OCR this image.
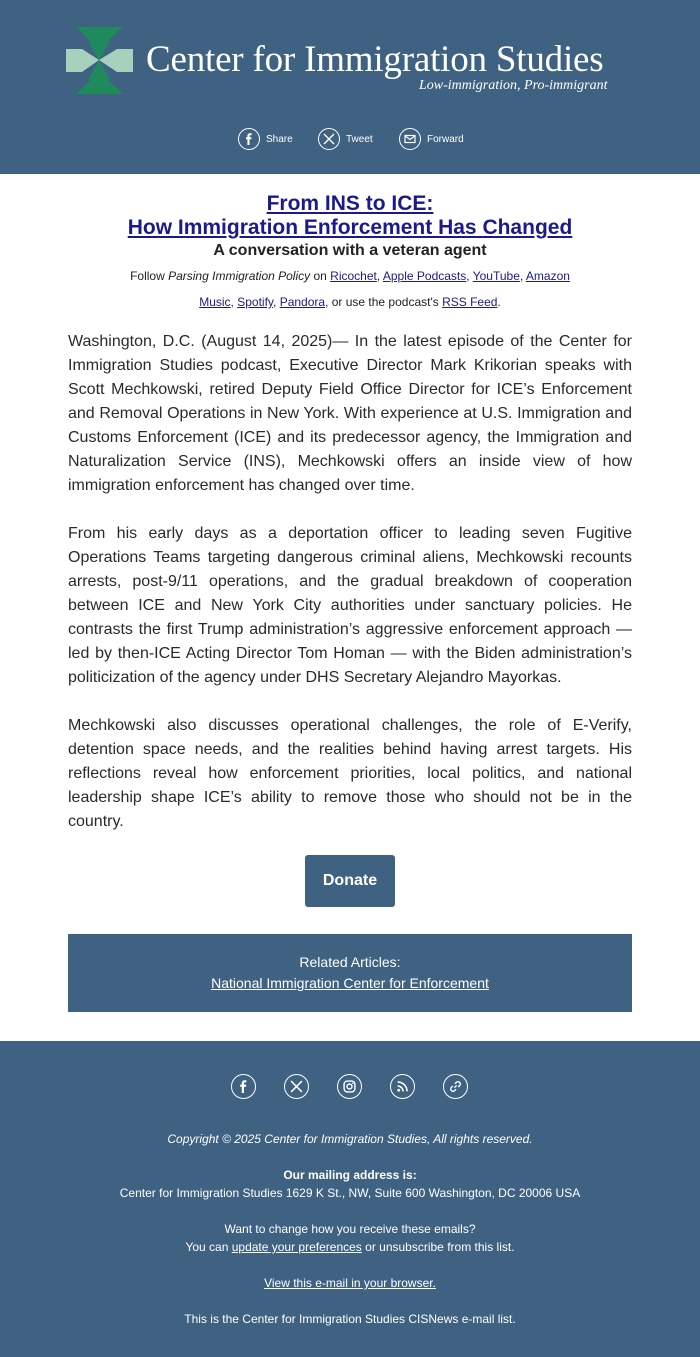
Center for Immigration Studies
Low-immigration, Pro-immigrant
Share	Tweet	Forward
From INS to ICE:
How Immigration Enforcement Has Changed
A conversation with a veteran agent
Follow Parsing Immigration Policy on Ricochet, Apple Podcasts, YouTube, Amazon Music, Spotify, Pandora, or use the podcast's RSS Feed.

Washington, D.C. (August 14, 2025)— In the latest episode of the Center for Immigration Studies podcast, Executive Director Mark Krikorian speaks with Scott Mechkowski, retired Deputy Field Office Director for ICE’s Enforcement and Removal Operations in New York. With experience at U.S. Immigration and Customs Enforcement (ICE) and its predecessor agency, the Immigration and Naturalization Service (INS), Mechkowski offers an inside view of how immigration enforcement has changed over time.

From his early days as a deportation officer to leading seven Fugitive Operations Teams targeting dangerous criminal aliens, Mechkowski recounts arrests, post-9/11 operations, and the gradual breakdown of cooperation between ICE and New York City authorities under sanctuary policies. He contrasts the first Trump administration’s aggressive enforcement approach — led by then-ICE Acting Director Tom Homan — with the Biden administration’s politicization of the agency under DHS Secretary Alejandro Mayorkas.

Mechkowski also discusses operational challenges, the role of E-Verify, detention space needs, and the realities behind having arrest targets. His reflections reveal how enforcement priorities, local politics, and national leadership shape ICE’s ability to remove those who should not be in the country.

Donate
Related Articles:
National Immigration Center for Enforcement
Copyright © 2025 Center for Immigration Studies, All rights reserved.
Our mailing address is:
Center for Immigration Studies 1629 K St., NW, Suite 600 Washington, DC 20006 USA
Want to change how you receive these emails?
You can update your preferences or unsubscribe from this list.
View this e-mail in your browser.
This is the Center for Immigration Studies CISNews e-mail list.
